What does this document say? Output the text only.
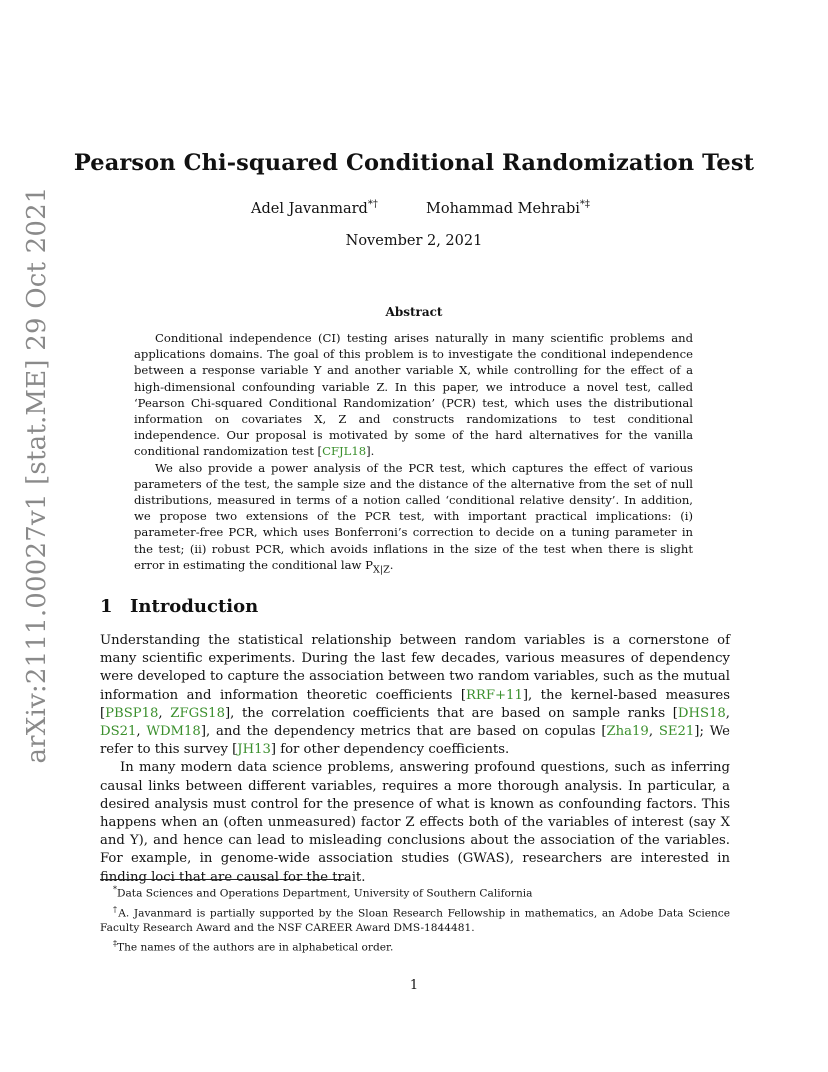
arXiv:2111.00027v1 [stat.ME] 29 Oct 2021
Pearson Chi-squared Conditional Randomization Test
Adel Javanmard*†	Mohammad Mehrabi*‡
November 2, 2021
Abstract

Conditional independence (CI) testing arises naturally in many scientific problems and applications domains. The goal of this problem is to investigate the conditional independence between a response variable Y and another variable X, while controlling for the effect of a high-dimensional confounding variable Z. In this paper, we introduce a novel test, called ‘Pearson Chi-squared Conditional Randomization’ (PCR) test, which uses the distributional information on covariates X, Z and constructs randomizations to test conditional independence. Our proposal is motivated by some of the hard alternatives for the vanilla conditional randomization test [CFJL18].

We also provide a power analysis of the PCR test, which captures the effect of various parameters of the test, the sample size and the distance of the alternative from the set of null distributions, measured in terms of a notion called ‘conditional relative density’. In addition, we propose two extensions of the PCR test, with important practical implications: (i) parameter-free PCR, which uses Bonferroni’s correction to decide on a tuning parameter in the test; (ii) robust PCR, which avoids inflations in the size of the test when there is slight error in estimating the conditional law $P_{X|Z}$.

1 Introduction

Understanding the statistical relationship between random variables is a cornerstone of many scientific experiments. During the last few decades, various measures of dependency were developed to capture the association between two random variables, such as the mutual information and information theoretic coefficients [RRF+11], the kernel-based measures [PBSP18, ZFGS18], the correlation coefficients that are based on sample ranks [DHS18, DS21, WDM18], and the dependency metrics that are based on copulas [Zha19, SE21]; We refer to this survey [JH13] for other dependency coefficients.

In many modern data science problems, answering profound questions, such as inferring causal links between different variables, requires a more thorough analysis. In particular, a desired analysis must control for the presence of what is known as confounding factors. This happens when an (often unmeasured) factor Z effects both of the variables of interest (say X and Y), and hence can lead to misleading conclusions about the association of the variables. For example, in genome-wide association studies (GWAS), researchers are interested in finding loci that are causal for the trait.

*Data Sciences and Operations Department, University of Southern California

†A. Javanmard is partially supported by the Sloan Research Fellowship in mathematics, an Adobe Data Science Faculty Research Award and the NSF CAREER Award DMS-1844481.

‡The names of the authors are in alphabetical order.

1
